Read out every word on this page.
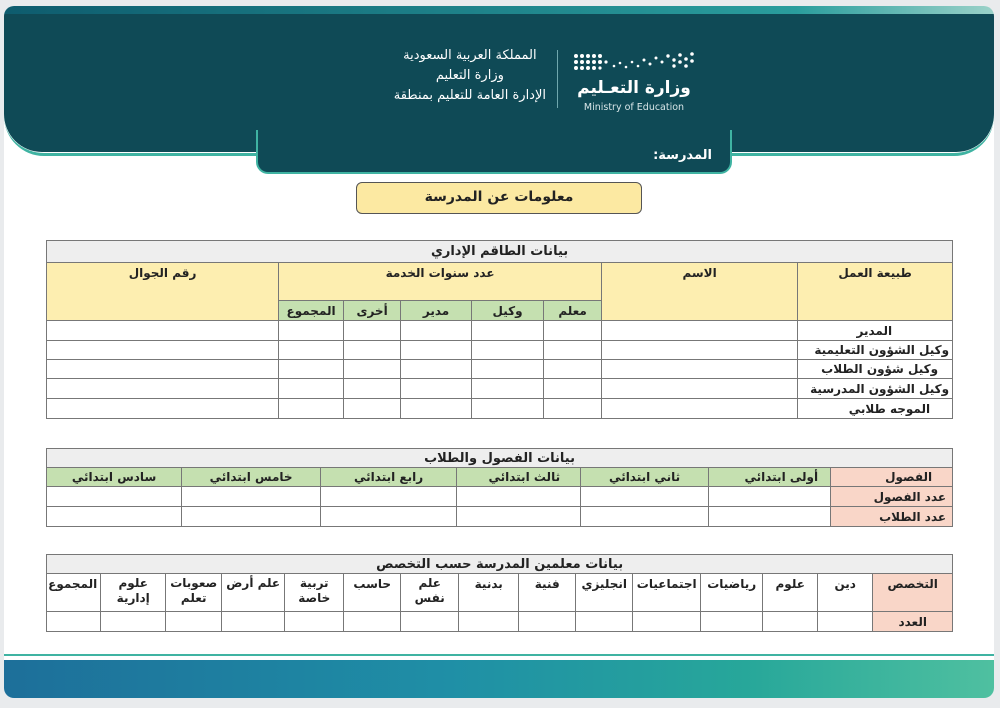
المملكة العربية السعودية
وزارة التعليم
الإدارة العامة للتعليم بمنطقة	وزارة التعـليم
Ministry of Education
المدرسة:
معلومات عن المدرسة
بيانات الطاقم الإداري							
طبيعة العمل	الاسم	عدد سنوات الخدمة					رقم الجوال
		معلم	وكيل	مدير	أخرى	المجموع	
المدير							
وكيل الشؤون التعليمية							
وكيل شؤون الطلاب							
وكيل الشؤون المدرسية							
الموجه طلابي							
بيانات الفصول والطلاب						
الفصول	أولى ابتدائي	ثاني ابتدائي	ثالث ابتدائي	رابع ابتدائي	خامس ابتدائي	سادس ابتدائي
عدد الفصول						
عدد الطلاب						
بيانات معلمين المدرسة حسب التخصص														
التخصص	دين	علوم	رياضيات	اجتماعيات	انجليزي	فنية	بدنية	علم نفس	حاسب	تربية خاصة	علم أرض	صعوبات تعلم	علوم إدارية	المجموع
العدد														
